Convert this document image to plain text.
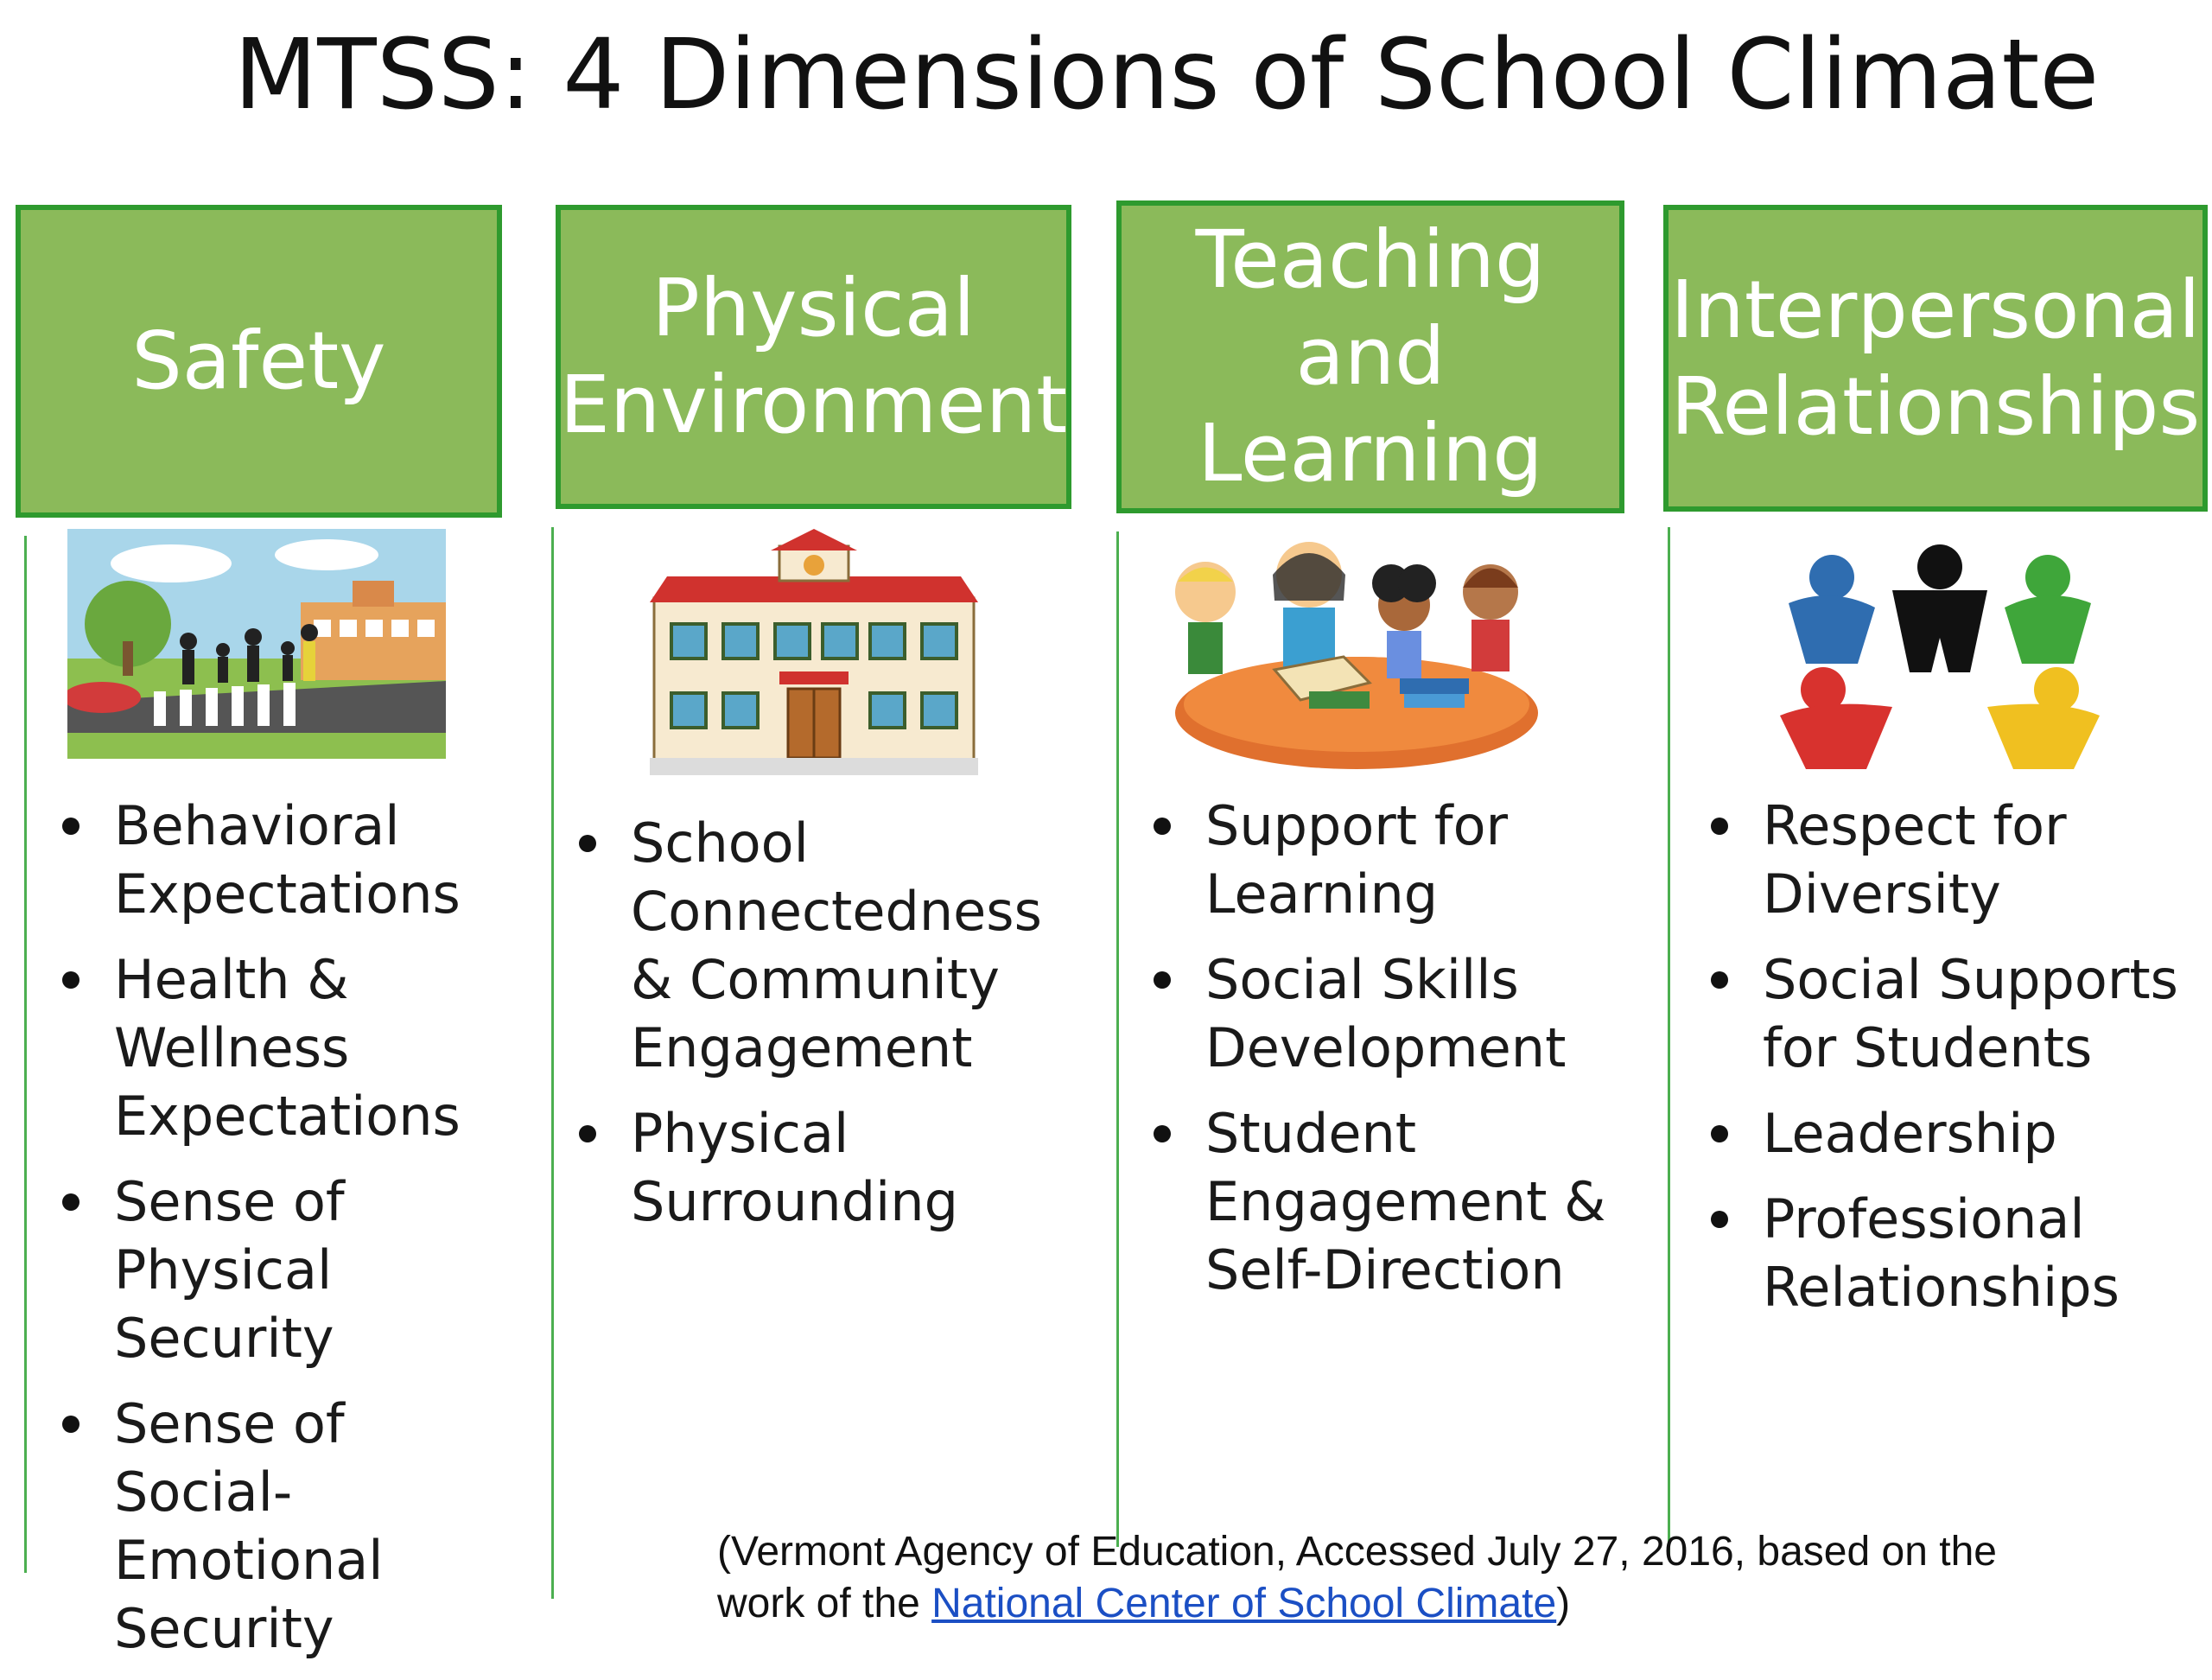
MTSS: 4 Dimensions of School Climate
Safety
Behavioral Expectations
Health & Wellness Expectations
Sense of Physical Security
Sense of Social-Emotional Security
Physical Environment
School Connectedness & Community Engagement
Physical Surrounding
Teaching and Learning
Support for Learning
Social Skills Development
Student Engagement & Self-Direction
Interpersonal Relationships
Respect for Diversity
Social Supports for Students
Leadership
Professional Relationships
(Vermont Agency of Education, Accessed July 27, 2016, based on the work of the National Center of School Climate)
